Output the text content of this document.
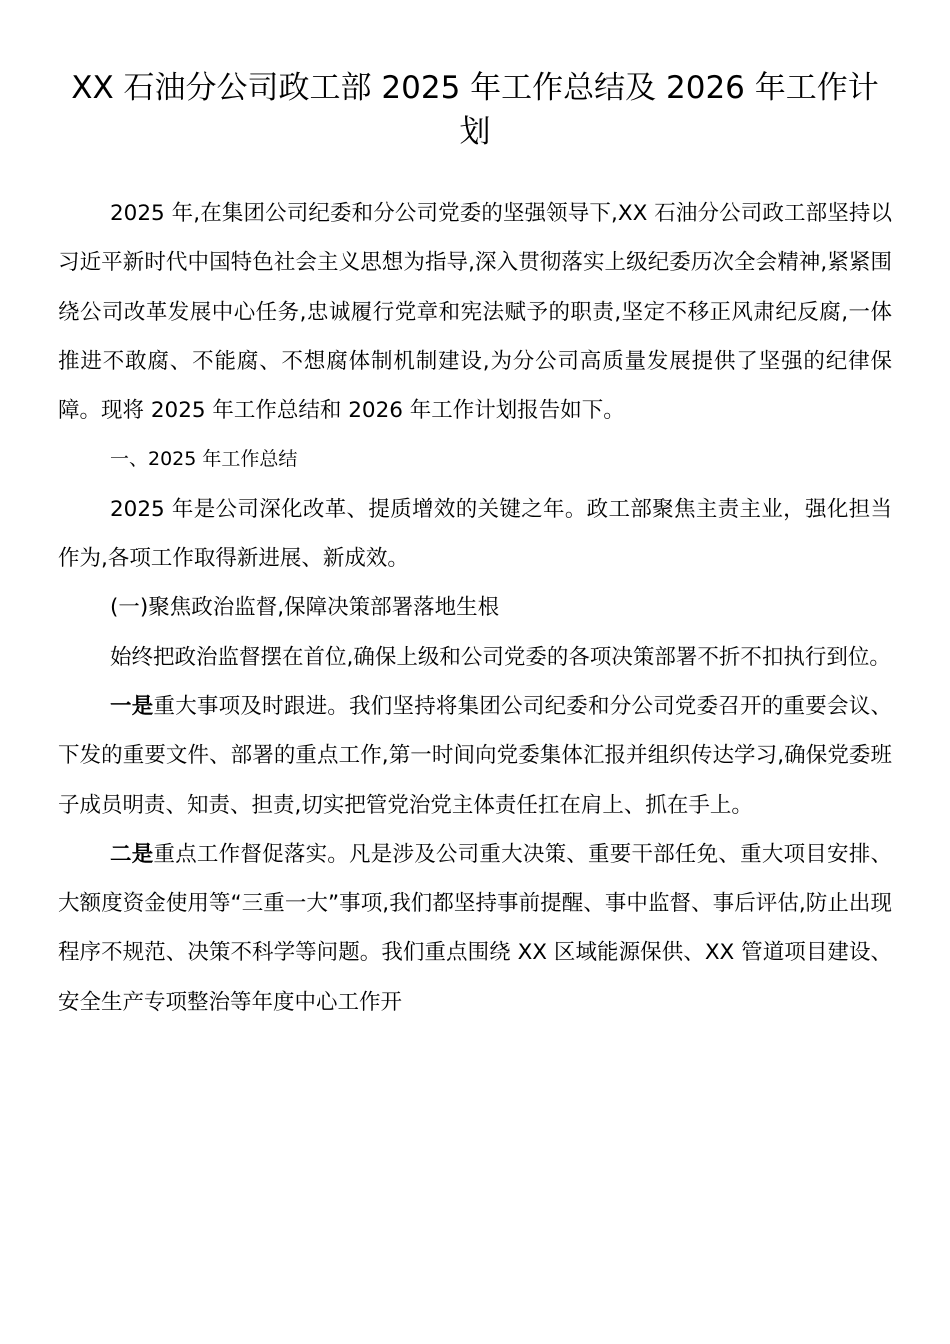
XX 石油分公司政工部 2025 年工作总结及 2026 年工作计划

2025 年,在集团公司纪委和分公司党委的坚强领导下,XX 石油分公司政工部坚持以习近平新时代中国特色社会主义思想为指导,深入贯彻落实上级纪委历次全会精神,紧紧围绕公司改革发展中心任务,忠诚履行党章和宪法赋予的职责,坚定不移正风肃纪反腐,一体推进不敢腐、不能腐、不想腐体制机制建设,为分公司高质量发展提供了坚强的纪律保障。现将 2025 年工作总结和 2026 年工作计划报告如下。

一、2025 年工作总结

2025 年是公司深化改革、提质增效的关键之年。政工部聚焦主责主业，强化担当作为,各项工作取得新进展、新成效。

(一)聚焦政治监督,保障决策部署落地生根

始终把政治监督摆在首位,确保上级和公司党委的各项决策部署不折不扣执行到位。

一是重大事项及时跟进。我们坚持将集团公司纪委和分公司党委召开的重要会议、下发的重要文件、部署的重点工作,第一时间向党委集体汇报并组织传达学习,确保党委班子成员明责、知责、担责,切实把管党治党主体责任扛在肩上、抓在手上。

二是重点工作督促落实。凡是涉及公司重大决策、重要干部任免、重大项目安排、大额度资金使用等“三重一大”事项,我们都坚持事前提醒、事中监督、事后评估,防止出现程序不规范、决策不科学等问题。我们重点围绕 XX 区域能源保供、XX 管道项目建设、安全生产专项整治等年度中心工作开
